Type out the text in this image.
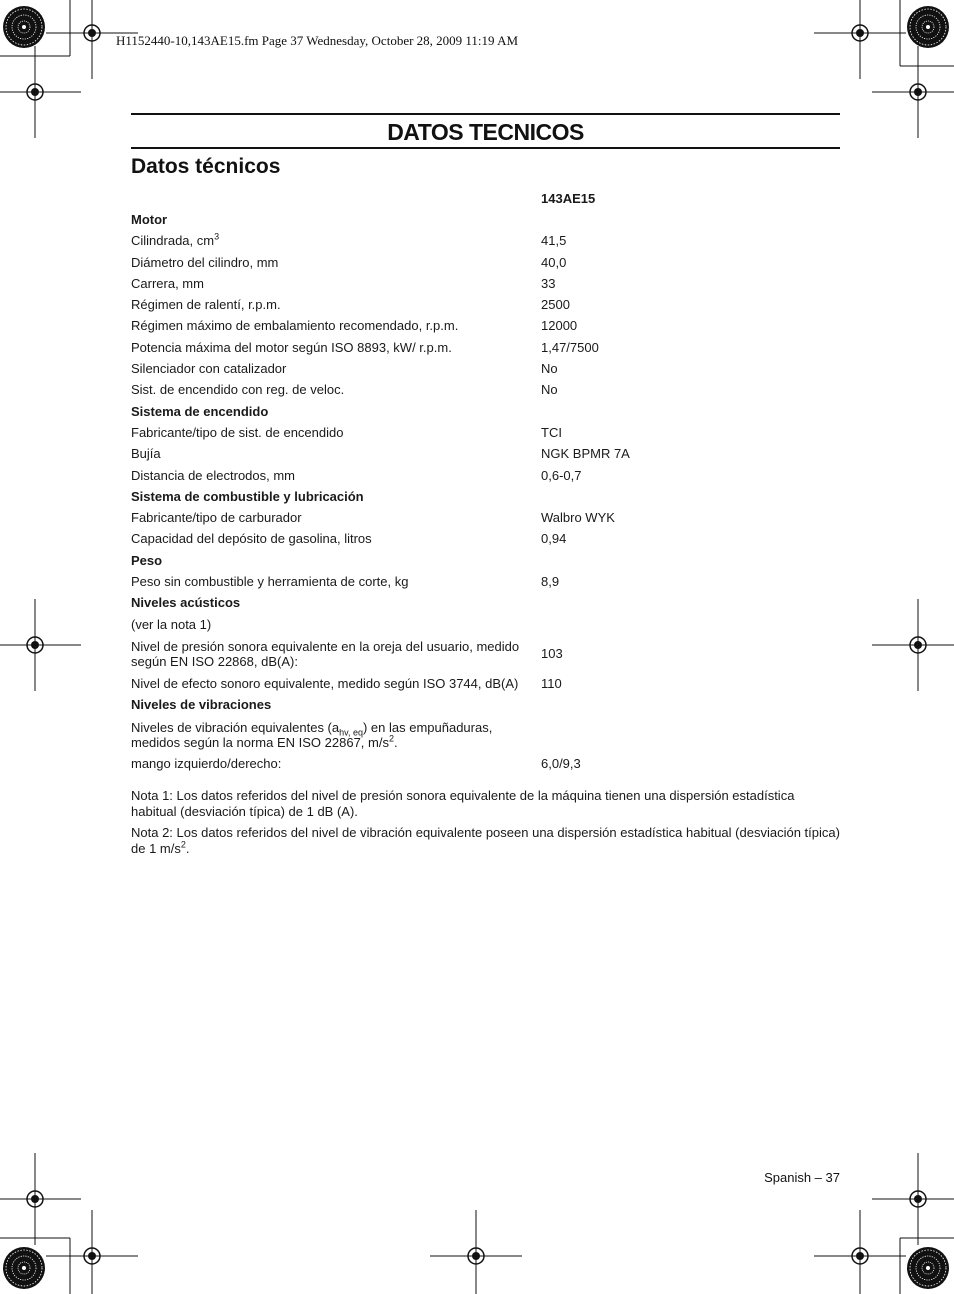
H1152440-10,143AE15.fm Page 37 Wednesday, October 28, 2009 11:19 AM
DATOS TECNICOS
Datos técnicos
	143AE15
Motor	
Cilindrada, $cm^3$	41,5
Diámetro del cilindro, mm	40,0
Carrera, mm	33
Régimen de ralentí, r.p.m.	2500
Régimen máximo de embalamiento recomendado, r.p.m.	12000
Potencia máxima del motor según ISO 8893, kW/ r.p.m.	1,47/7500
Silenciador con catalizador	No
Sist. de encendido con reg. de veloc.	No
Sistema de encendido	
Fabricante/tipo de sist. de encendido	TCI
Bujía	NGK BPMR 7A
Distancia de electrodos, mm	0,6-0,7
Sistema de combustible y lubricación	
Fabricante/tipo de carburador	Walbro WYK
Capacidad del depósito de gasolina, litros	0,94
Peso	
Peso sin combustible y herramienta de corte, kg	8,9
Niveles acústicos	
(ver la nota 1)	
Nivel de presión sonora equivalente en la oreja del usuario, medido según EN ISO 22868, dB(A):	103
Nivel de efecto sonoro equivalente, medido según ISO 3744, dB(A)	110
Niveles de vibraciones	
Niveles de vibración equivalentes $(a_{hv, eq})$ en las empuñaduras, medidos según la norma EN ISO 22867, $m/s^2$.	
mango izquierdo/derecho:	6,0/9,3

Nota 1: Los datos referidos del nivel de presión sonora equivalente de la máquina tienen una dispersión estadística habitual (desviación típica) de 1 dB (A).

Nota 2: Los datos referidos del nivel de vibración equivalente poseen una dispersión estadística habitual (desviación típica) de 1 $m/s^2$.

Spanish – 37
